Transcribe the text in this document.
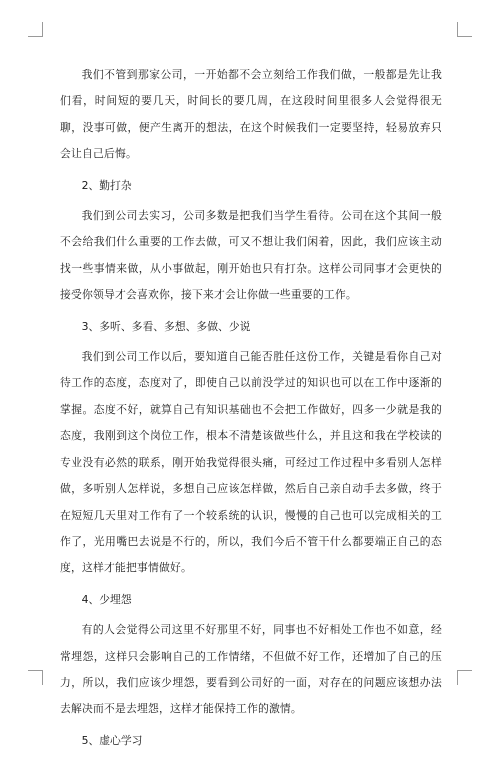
我们不管到那家公司，一开始都不会立刻给工作我们做，一般都是先让我们看，时间短的要几天，时间长的要几周，在这段时间里很多人会觉得很无聊，没事可做，便产生离开的想法，在这个时候我们一定要坚持，轻易放弃只会让自己后悔。

2、勤打杂

我们到公司去实习，公司多数是把我们当学生看待。公司在这个其间一般不会给我们什么重要的工作去做，可又不想让我们闲着，因此，我们应该主动找一些事情来做，从小事做起，刚开始也只有打杂。这样公司同事才会更快的接受你领导才会喜欢你，接下来才会让你做一些重要的工作。

3、多听、多看、多想、多做、少说

我们到公司工作以后，要知道自己能否胜任这份工作，关键是看你自己对待工作的态度，态度对了，即使自己以前没学过的知识也可以在工作中逐渐的掌握。态度不好，就算自己有知识基础也不会把工作做好，四多一少就是我的态度，我刚到这个岗位工作，根本不清楚该做些什么，并且这和我在学校读的专业没有必然的联系，刚开始我觉得很头痛，可经过工作过程中多看别人怎样做，多听别人怎样说，多想自己应该怎样做，然后自己亲自动手去多做，终于在短短几天里对工作有了一个较系统的认识，慢慢的自己也可以完成相关的工作了，光用嘴巴去说是不行的，所以，我们今后不管干什么都要端正自己的态度，这样才能把事情做好。

4、少埋怨

有的人会觉得公司这里不好那里不好，同事也不好相处工作也不如意，经常埋怨，这样只会影响自己的工作情绪，不但做不好工作，还增加了自己的压力，所以，我们应该少埋怨，要看到公司好的一面，对存在的问题应该想办法去解决而不是去埋怨，这样才能保持工作的激情。

5、虚心学习
